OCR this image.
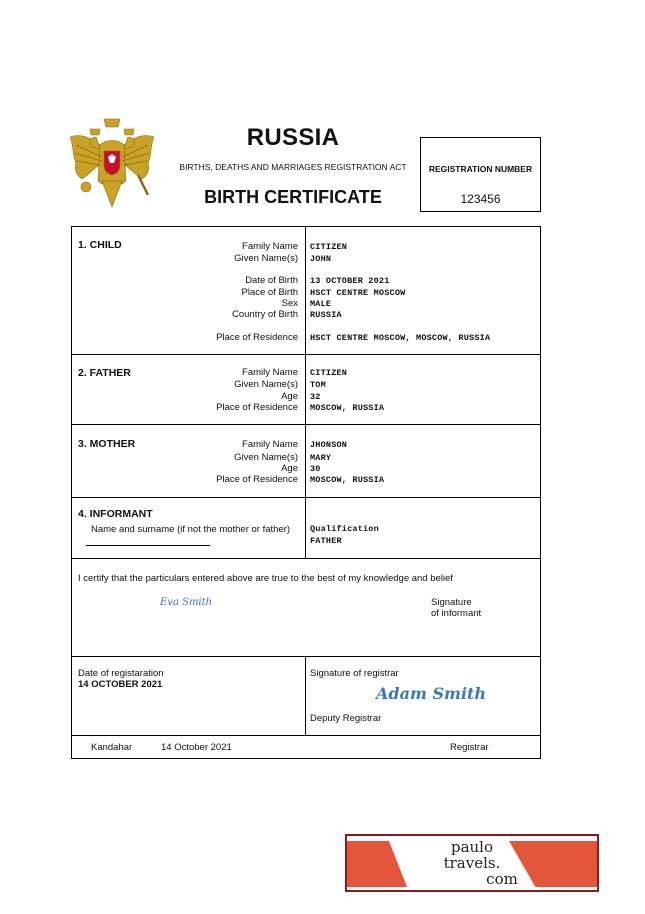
RUSSIA
BIRTHS, DEATHS AND MARRIAGES REGISTRATION ACT
BIRTH CERTIFICATE
REGISTRATION NUMBER
123456
1. CHILD	Family Name CITIZEN
Given Name(s) JOHN
Date of Birth 13 OCTOBER 2021
Place of Birth HSCT CENTRE MOSCOW
Sex MALE
Country of Birth RUSSIA
Place of Residence HSCT CENTRE MOSCOW, MOSCOW, RUSSIA
2. FATHER	Family Name CITIZEN
Given Name(s) TOM
Age 32
Place of Residence MOSCOW, RUSSIA
3. MOTHER	Family Name JHONSON
Given Name(s) MARY
Age 30
Place of Residence MOSCOW, RUSSIA
4. INFORMANT
Name and surname (if not the mother or father) Qualification
FATHER
I certify that the particulars entered above are true to the best of my knowledge and belief
Eva Smith	Signature
of informant
Date of registaration
14 OCTOBER 2021
Signature of registrar
Adam Smith
Deputy Registrar
Kandahar	14 October 2021	Registrar
paulo
travels.
com
